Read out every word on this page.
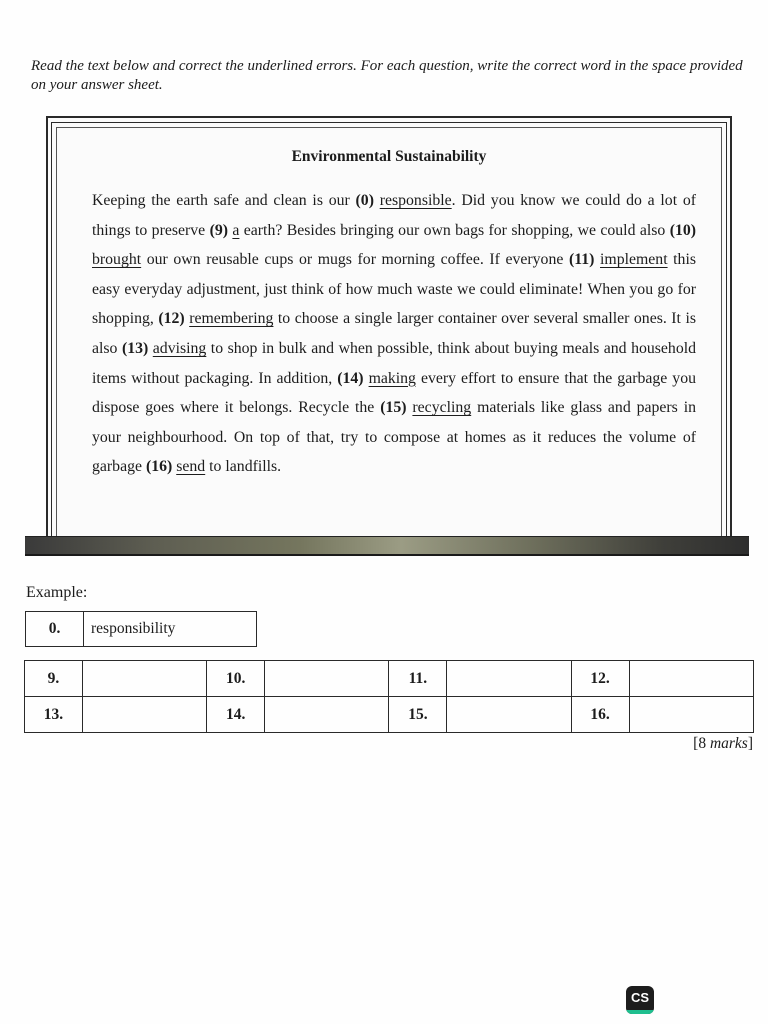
Read the text below and correct the underlined errors. For each question, write the correct word in the space provided on your answer sheet.

Environmental Sustainability

Keeping the earth safe and clean is our (0) responsible. Did you know we could do a lot of things to preserve (9) a earth? Besides bringing our own bags for shopping, we could also (10) brought our own reusable cups or mugs for morning coffee. If everyone (11) implement this easy everyday adjustment, just think of how much waste we could eliminate! When you go for shopping, (12) remembering to choose a single larger container over several smaller ones. It is also (13) advising to shop in bulk and when possible, think about buying meals and household items without packaging. In addition, (14) making every effort to ensure that the garbage you dispose goes where it belongs. Recycle the (15) recycling materials like glass and papers in your neighbourhood. On top of that, try to compose at homes as it reduces the volume of garbage (16) send to landfills.

Example:

0.	responsibility
9.		10.		11.		12.	
13.		14.		15.		16.	

[8 marks]

CS
